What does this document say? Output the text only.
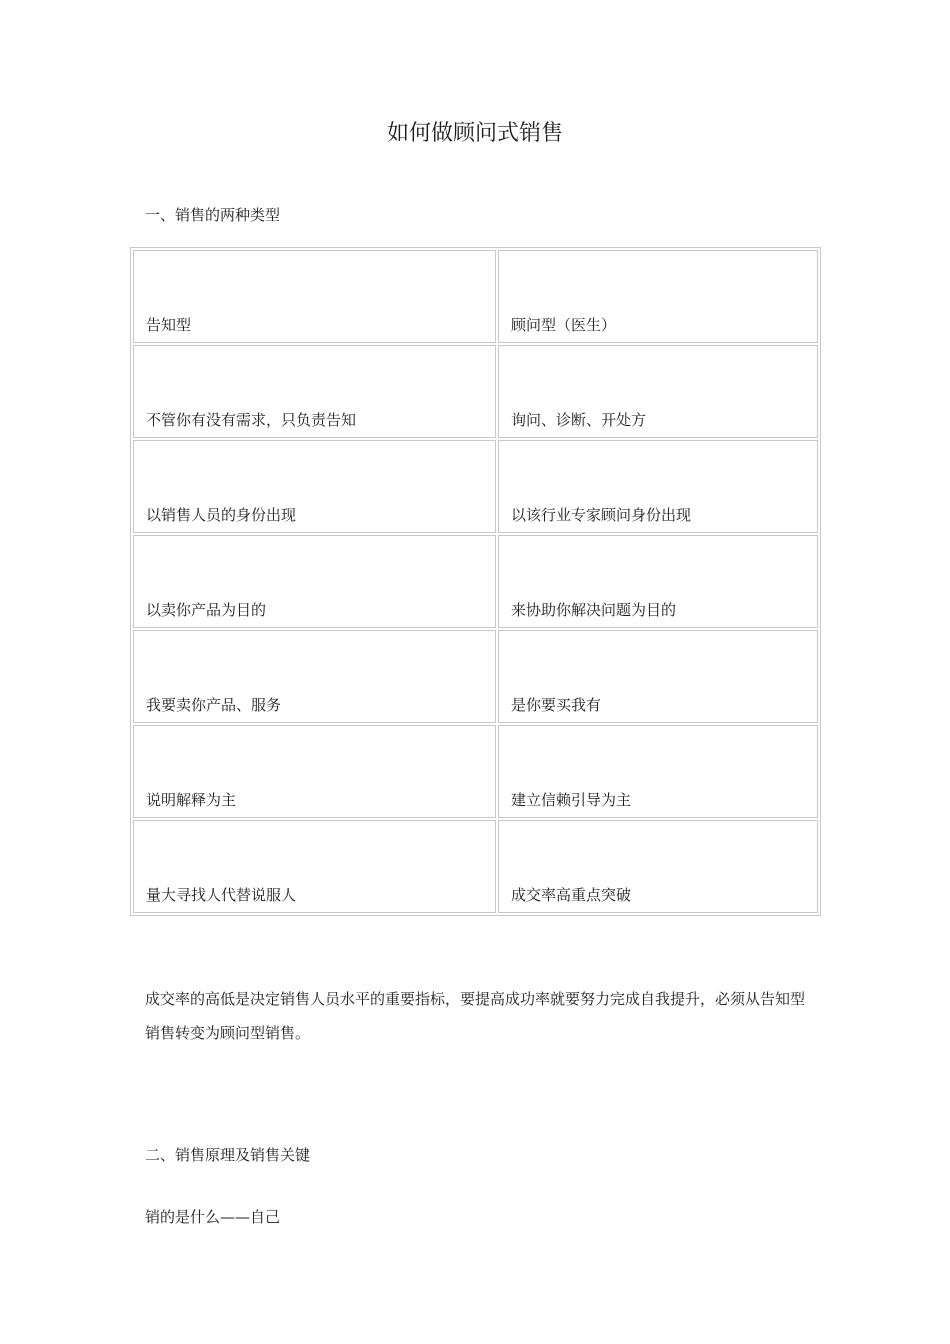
如何做顾问式销售
一、销售的两种类型
告知型	顾问型（医生）
不管你有没有需求，只负责告知	询问、诊断、开处方
以销售人员的身份出现	以该行业专家顾问身份出现
以卖你产品为目的	来协助你解决问题为目的
我要卖你产品、服务	是你要买我有
说明解释为主	建立信赖引导为主
量大寻找人代替说服人	成交率高重点突破
成交率的高低是决定销售人员水平的重要指标，要提高成功率就要努力完成自我提升，必须从告知型销售转变为顾问型销售。
二、销售原理及销售关键
销的是什么——自己
